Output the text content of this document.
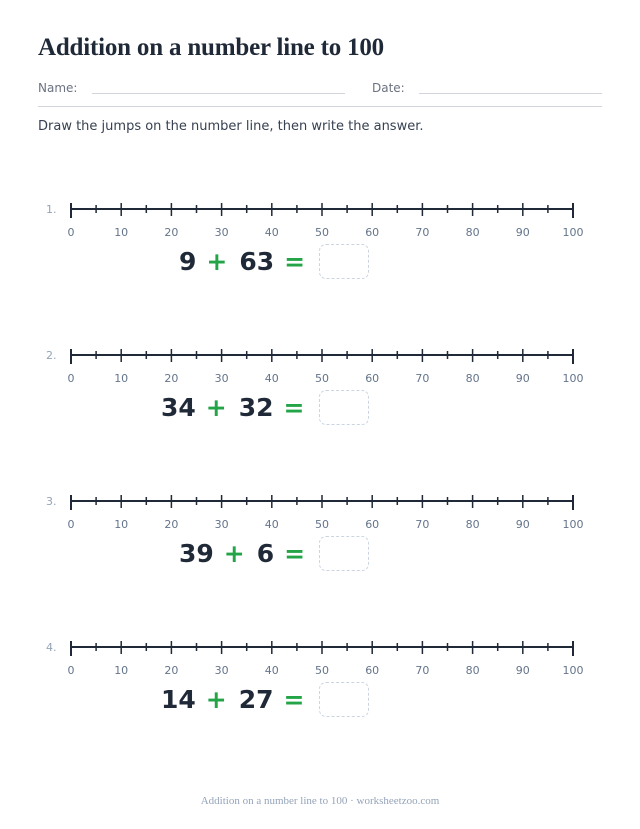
Addition on a number line to 100
Name:	Date:
Draw the jumps on the number line, then write the answer.
1.
0	10	20	30	40	50	60	70	80	90	100
9 + 63 =
2.
0	10	20	30	40	50	60	70	80	90	100
34 + 32 =
3.
0	10	20	30	40	50	60	70	80	90	100
39 + 6 =
4.
0	10	20	30	40	50	60	70	80	90	100
14 + 27 =
Addition on a number line to 100 · worksheetzoo.com
